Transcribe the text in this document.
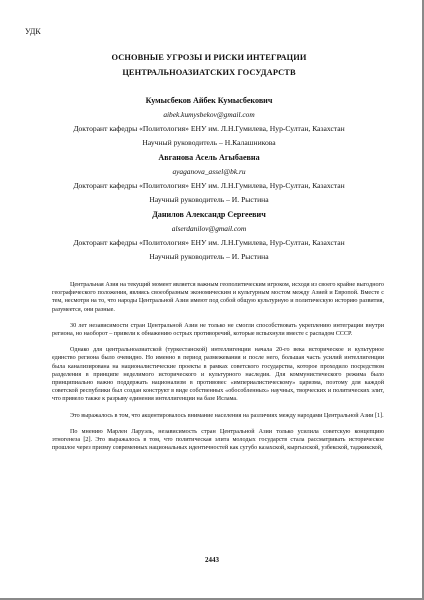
УДК
ОСНОВНЫЕ УГРОЗЫ И РИСКИ ИНТЕГРАЦИИ
ЦЕНТРАЛЬНОАЗИАТСКИХ ГОСУДАРСТВ
Кумысбеков Айбек Кумысбекович
aibek.kumysbekov@gmail.com
Докторант кафедры «Политология» ЕНУ им. Л.Н.Гумилева, Нур-Султан, Казахстан
Научный руководитель – Н.Калашникова
Авганова Асель Агыбаевна
ayaganova_assel@bk.ru
Докторант кафедры «Политология» ЕНУ им. Л.Н.Гумилева, Нур-Султан, Казахстан
Научный руководитель – И. Рыстина
Данилов Александр Сергеевич
alserdanilov@gmail.com
Докторант кафедры «Политология» ЕНУ им. Л.Н.Гумилева, Нур-Султан, Казахстан
Научный руководитель – И. Рыстина

Центральная Азия на текущий момент является важным геополитическим игроком, исходя из своего крайне выгодного географического положения, являясь своеобразным экономическим и культурным мостом между Азией и Европой. Вместе с тем, несмотря на то, что народы Центральной Азии имеют под собой общую культурную и политическую историю развития, разумеется, они разные.

30 лет независимости стран Центральной Азии не только не смогли способствовать укреплению интеграции внутри региона, но наоборот – привели к обнажению острых противоречий, которые вспыхнули вместе с распадом СССР.

Однако для центральноазиатской (туркестанской) интеллигенции начала 20-го века историческое и культурное единство региона было очевидно. Но именно в период размежевания и после него, большая часть усилий интеллигенции была канализирована на националистические проекты в рамках советского государства, которое проходило посредством разделения в принципе неделимого исторического и культурного наследия. Для коммунистического режима было принципиально важно поддержать национализм в противовес «империалистическому» царизма, поэтому для каждой советской республики был создан конструкт в виде собственных «обособленных» научных, творческих и политических элит, что привело также к разрыву единения интеллигенции на базе Ислама.

Это выражалось в том, что акцентировалось внимание населения на различиях между народами Центральной Азии [1].

По мнению Марлен Ларуэль, независимость стран Центральной Азии только усилила советскую концепцию этногенеза [2]. Это выражалось в том, что политическая элита молодых государств стала рассматривать историческое прошлое через призму современных национальных идентичностей как сугубо казахской, кыргызской, узбекской, таджикской,

2443
